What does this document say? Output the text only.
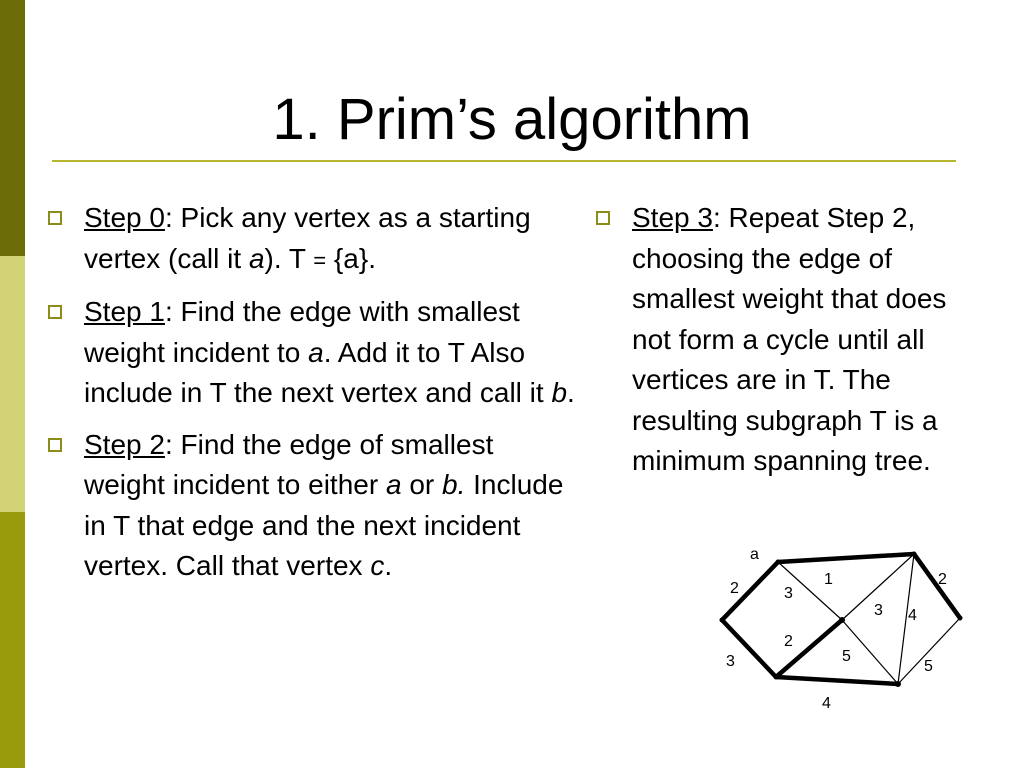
1. Prim’s algorithm
Step 0: Pick any vertex as a starting vertex (call it a). T = {a}.
Step 1: Find the edge with smallest weight incident to a. Add it to T Also include in T the next vertex and call it b.
Step 2: Find the edge of smallest weight incident to either a or b. Include in T that edge and the next incident vertex. Call that vertex c.
Step 3: Repeat Step 2, choosing the edge of smallest weight that does not form a cycle until all vertices are in T. The resulting subgraph T is a minimum spanning tree.
a
2	3
1	2
3 4
2
3	5
5
4
